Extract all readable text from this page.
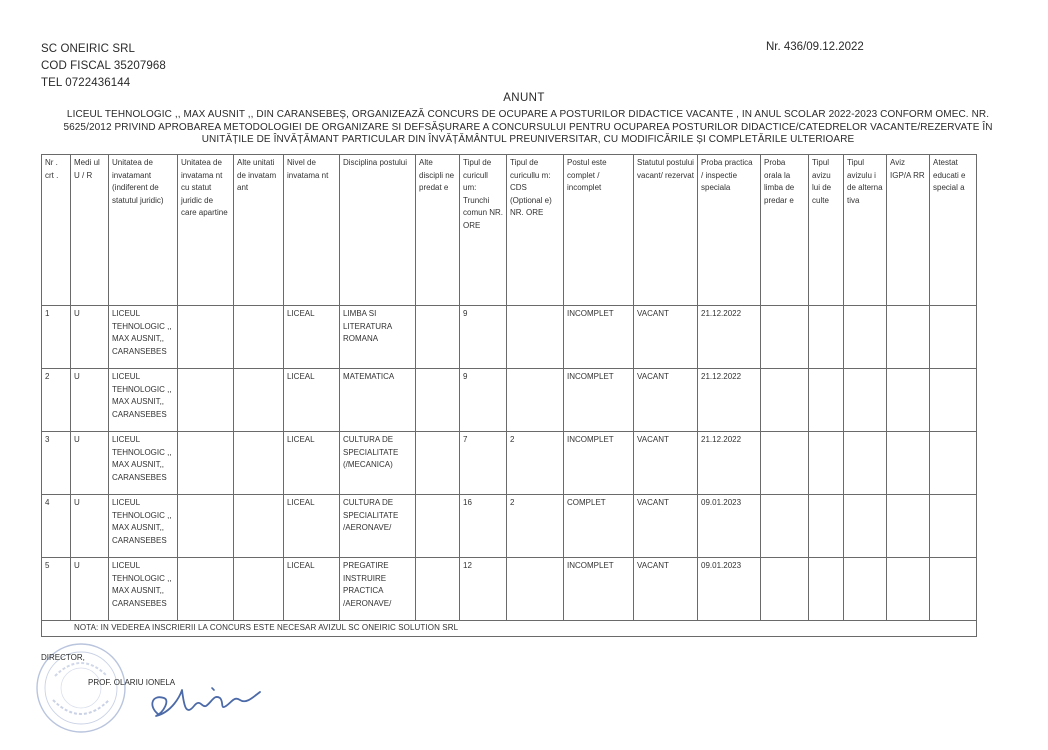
SC ONEIRIC SRL
COD FISCAL 35207968
TEL 0722436144
Nr. 436/09.12.2022
ANUNT
LICEUL TEHNOLOGIC ,, MAX AUSNIT ,, DIN CARANSEBEȘ, ORGANIZEAZĂ CONCURS DE OCUPARE A POSTURILOR DIDACTICE VACANTE , IN ANUL SCOLAR 2022-2023 CONFORM OMEC. NR. 5625/2012 PRIVIND APROBAREA METODOLOGIEI DE ORGANIZARE SI DEFSĂȘURARE A CONCURSULUI PENTRU OCUPAREA POSTURILOR DIDACTICE/CATEDRELOR VACANTE/REZERVATE ÎN UNITĂȚILE DE ÎNVĂȚĂMANT PARTICULAR DIN ÎNVĂȚĂMÂNTUL PREUNIVERSITAR, CU MODIFICĂRILE ȘI COMPLETĂRILE ULTERIOARE
Nr . crt .	Medi ul U / R	Unitatea de invatamant (indiferent de statutul juridic)	Unitatea de invatama nt cu statut juridic de care apartine	Alte unitati de invatam ant	Nivel de invatama nt	Disciplina postului	Alte discipli ne predat e	Tipul de curicull um: Trunchi comun NR. ORE	Tipul de curicullu m: CDS (Optional e) NR. ORE	Postul este complet / incomplet	Statutul postului vacant/ rezervat	Proba practica / inspectie speciala	Proba orala la limba de predar e	Tipul avizu lui de culte	Tipul avizulu i de alterna tiva	Aviz IGP/A RR	Atestat educati e special a
1	U	LICEUL TEHNOLOGIC ,, MAX AUSNIT,, CARANSEBES			LICEAL	LIMBA SI LITERATURA ROMANA		9		INCOMPLET	VACANT	21.12.2022					
2	U	LICEUL TEHNOLOGIC ,, MAX AUSNIT,, CARANSEBES			LICEAL	MATEMATICA		9		INCOMPLET	VACANT	21.12.2022					
3	U	LICEUL TEHNOLOGIC ,, MAX AUSNIT,, CARANSEBES			LICEAL	CULTURA DE SPECIALITATE (/MECANICA)		7	2	INCOMPLET	VACANT	21.12.2022					
4	U	LICEUL TEHNOLOGIC ,, MAX AUSNIT,, CARANSEBES			LICEAL	CULTURA DE SPECIALITATE /AERONAVE/		16	2	COMPLET	VACANT	09.01.2023					
5	U	LICEUL TEHNOLOGIC ,, MAX AUSNIT,, CARANSEBES			LICEAL	PREGATIRE INSTRUIRE PRACTICA /AERONAVE/		12		INCOMPLET	VACANT	09.01.2023					
NOTA: IN VEDEREA INSCRIERII LA CONCURS ESTE NECESAR AVIZUL SC ONEIRIC SOLUTION SRL																	
DIRECTOR,
PROF. OLARIU IONELA
